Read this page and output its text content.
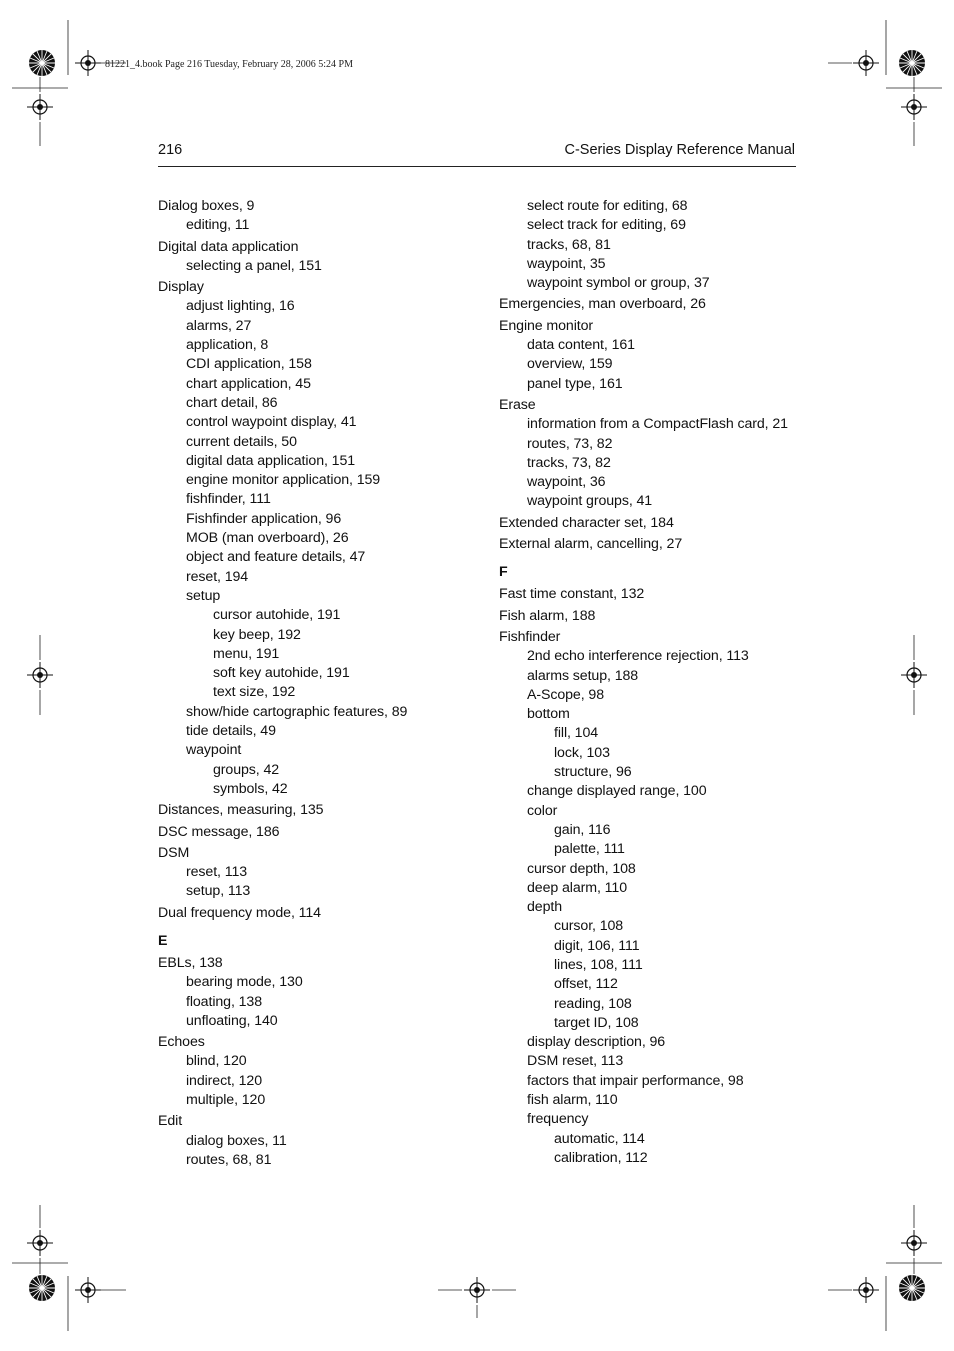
81221_4.book Page 216 Tuesday, February 28, 2006 5:24 PM
216	C-Series Display Reference Manual
Dialog boxes, 9
editing, 11
Digital data application
selecting a panel, 151
Display
adjust lighting, 16
alarms, 27
application, 8
CDI application, 158
chart application, 45
chart detail, 86
control waypoint display, 41
current details, 50
digital data application, 151
engine monitor application, 159
fishfinder, 111
Fishfinder application, 96
MOB (man overboard), 26
object and feature details, 47
reset, 194
setup
cursor autohide, 191
key beep, 192
menu, 191
soft key autohide, 191
text size, 192
show/hide cartographic features, 89
tide details, 49
waypoint
groups, 42
symbols, 42
Distances, measuring, 135
DSC message, 186
DSM
reset, 113
setup, 113
Dual frequency mode, 114
E
EBLs, 138
bearing mode, 130
floating, 138
unfloating, 140
Echoes
blind, 120
indirect, 120
multiple, 120
Edit
dialog boxes, 11
routes, 68, 81
select route for editing, 68
select track for editing, 69
tracks, 68, 81
waypoint, 35
waypoint symbol or group, 37
Emergencies, man overboard, 26
Engine monitor
data content, 161
overview, 159
panel type, 161
Erase
information from a CompactFlash card, 21
routes, 73, 82
tracks, 73, 82
waypoint, 36
waypoint groups, 41
Extended character set, 184
External alarm, cancelling, 27
F
Fast time constant, 132
Fish alarm, 188
Fishfinder
2nd echo interference rejection, 113
alarms setup, 188
A-Scope, 98
bottom
fill, 104
lock, 103
structure, 96
change displayed range, 100
color
gain, 116
palette, 111
cursor depth, 108
deep alarm, 110
depth
cursor, 108
digit, 106, 111
lines, 108, 111
offset, 112
reading, 108
target ID, 108
display description, 96
DSM reset, 113
factors that impair performance, 98
fish alarm, 110
frequency
automatic, 114
calibration, 112
